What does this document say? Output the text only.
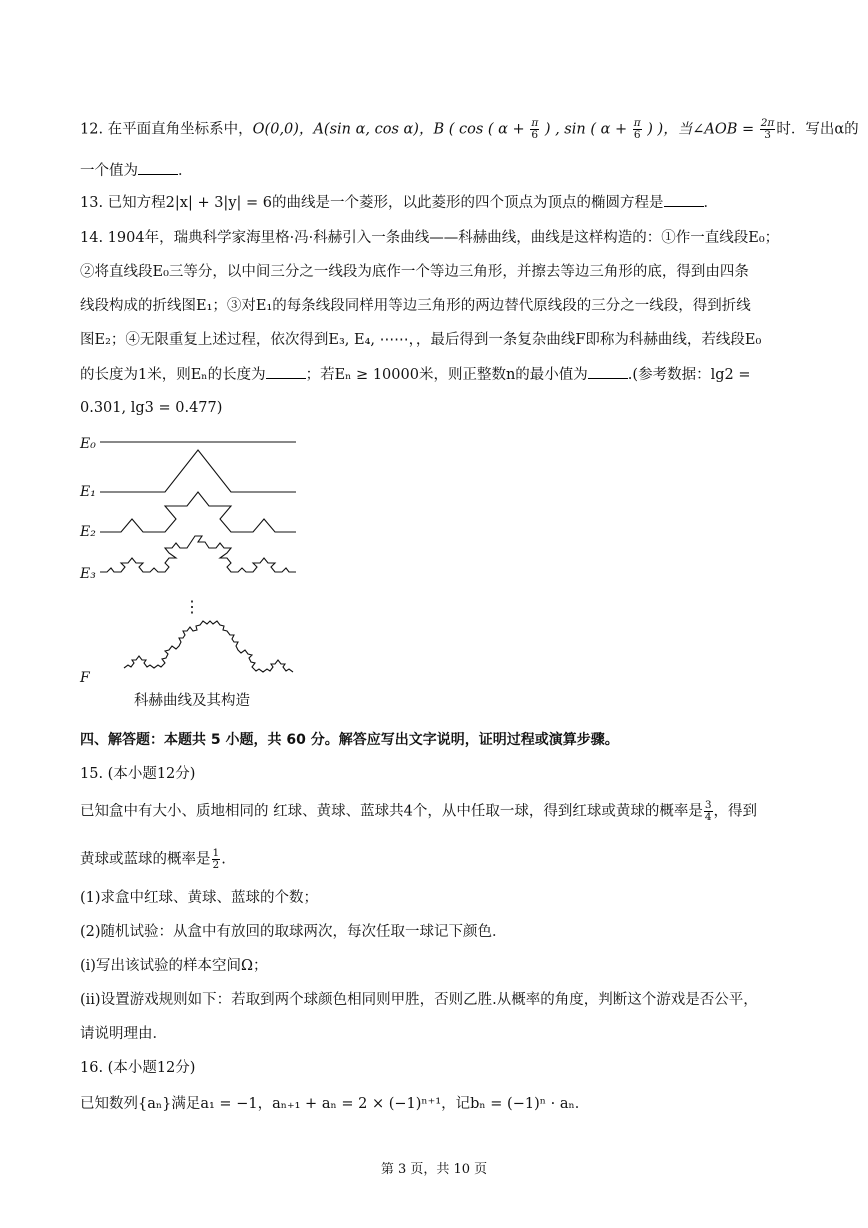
12. 在平面直角坐标系中，O(0,0)，A(sin α, cos α)，B ( cos ( $\alpha + \frac{\pi}{6}$ ) , sin ( $\alpha + \frac{\pi}{6}$ ) )，当∠AOB = $\frac{2\pi}{3}$ 时．写出α的
一个值为	．
13. 已知方程2|x| + 3|y| = 6的曲线是一个菱形，以此菱形的四个顶点为顶点的椭圆方程是	．
14. 1904年，瑞典科学家海里格·冯·科赫引入一条曲线——科赫曲线，曲线是这样构造的：①作一直线段E₀；
②将直线段E₀三等分，以中间三分之一线段为底作一个等边三角形，并擦去等边三角形的底，得到由四条
线段构成的折线图E₁；③对E₁的每条线段同样用等边三角形的两边替代原线段的三分之一线段，得到折线
图E₂；④无限重复上述过程，依次得到E₃, E₄, ⋯⋯，，最后得到一条复杂曲线F即称为科赫曲线，若线段E₀
的长度为1米，则Eₙ的长度为	；若Eₙ ≥ 10000米，则正整数n的最小值为	.(参考数据：lg2 =
0.301, lg3 = 0.477)
E₀
E₁
E₂
E₃
F
⋮
科赫曲线及其构造
四、解答题：本题共 5 小题，共 60 分。解答应写出文字说明，证明过程或演算步骤。
15. (本小题12分)
已知盒中有大小、质地相同的 红球、黄球、蓝球共4个，从中任取一球，得到红球或黄球的概率是 $\frac{3}{4}$ ，得到
黄球或蓝球的概率是 $\frac{1}{2}$ .
(1)求盒中红球、黄球、蓝球的个数；
(2)随机试验：从盒中有放回的取球两次，每次任取一球记下颜色．
(i)写出该试验的样本空间Ω；
(ii)设置游戏规则如下：若取到两个球颜色相同则甲胜，否则乙胜.从概率的角度，判断这个游戏是否公平，
请说明理由．
16. (本小题12分)
已知数列{aₙ}满足a₁ = −1，aₙ₊₁ + aₙ = 2 × (−1)ⁿ⁺¹，记bₙ = (−1)ⁿ · aₙ．
第 3 页，共 10 页
